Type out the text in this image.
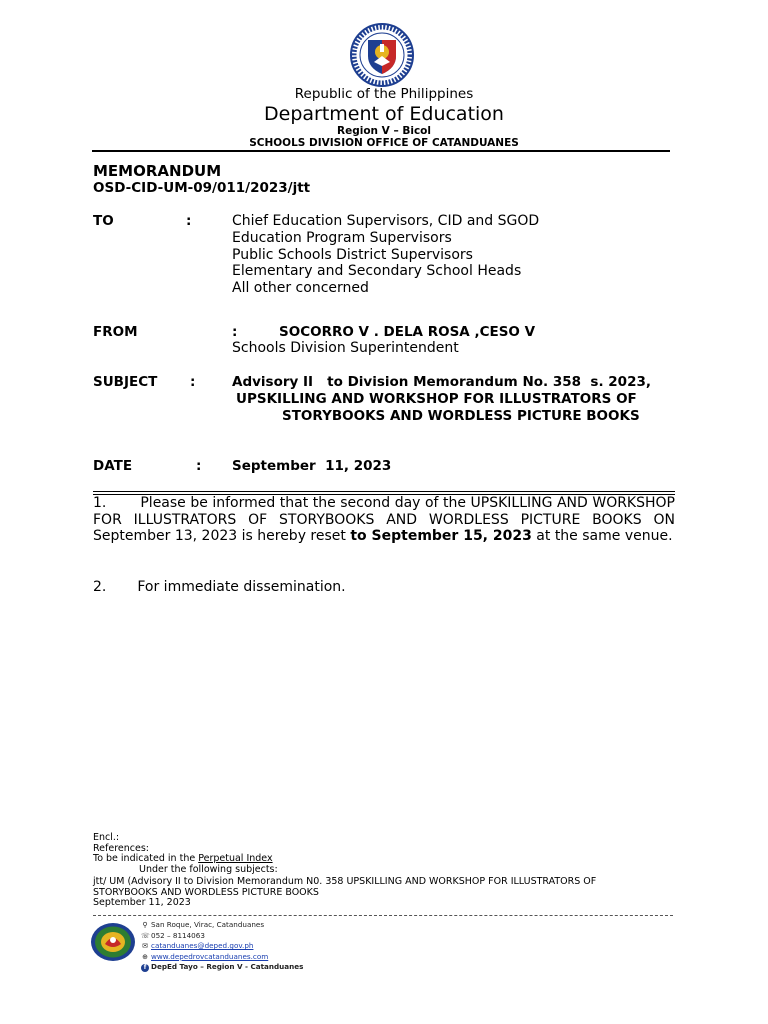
Republic of the Philippines
Department of Education
Region V – Bicol
SCHOOLS DIVISION OFFICE OF CATANDUANES
MEMORANDUM
OSD-CID-UM-09/011/2023/jtt
TO	:	Chief Education Supervisors, CID and SGOD
Education Program Supervisors
Public Schools District Supervisors
Elementary and Secondary School Heads
All other concerned
FROM	:	SOCORRO V . DELA ROSA ,CESO V
Schools Division Superintendent
SUBJECT :	Advisory II   to Division Memorandum No. 358  s. 2023,
UPSKILLING AND WORKSHOP FOR ILLUSTRATORS OF
STORYBOOKS AND WORDLESS PICTURE BOOKS
DATE	: September  11, 2023
1. Please be informed that the second day of the UPSKILLING AND WORKSHOP FOR ILLUSTRATORS OF STORYBOOKS AND WORDLESS PICTURE BOOKS ON September 13, 2023 is hereby reset to September 15, 2023 at the same venue.
2. For immediate dissemination.
Encl.:
References:
To be indicated in the Perpetual Index
Under the following subjects:
jtt/ UM (Advisory II to Division Memorandum N0. 358 UPSKILLING AND WORKSHOP FOR ILLUSTRATORS OF
STORYBOOKS AND WORDLESS PICTURE BOOKS
September 11, 2023
⚲ San Roque, Virac, Catanduanes
☏052 – 8114063
✉ catanduanes@deped.gov.ph
⊕ www.depedrovcatanduanes.com
f DepEd Tayo – Region V - Catanduanes
